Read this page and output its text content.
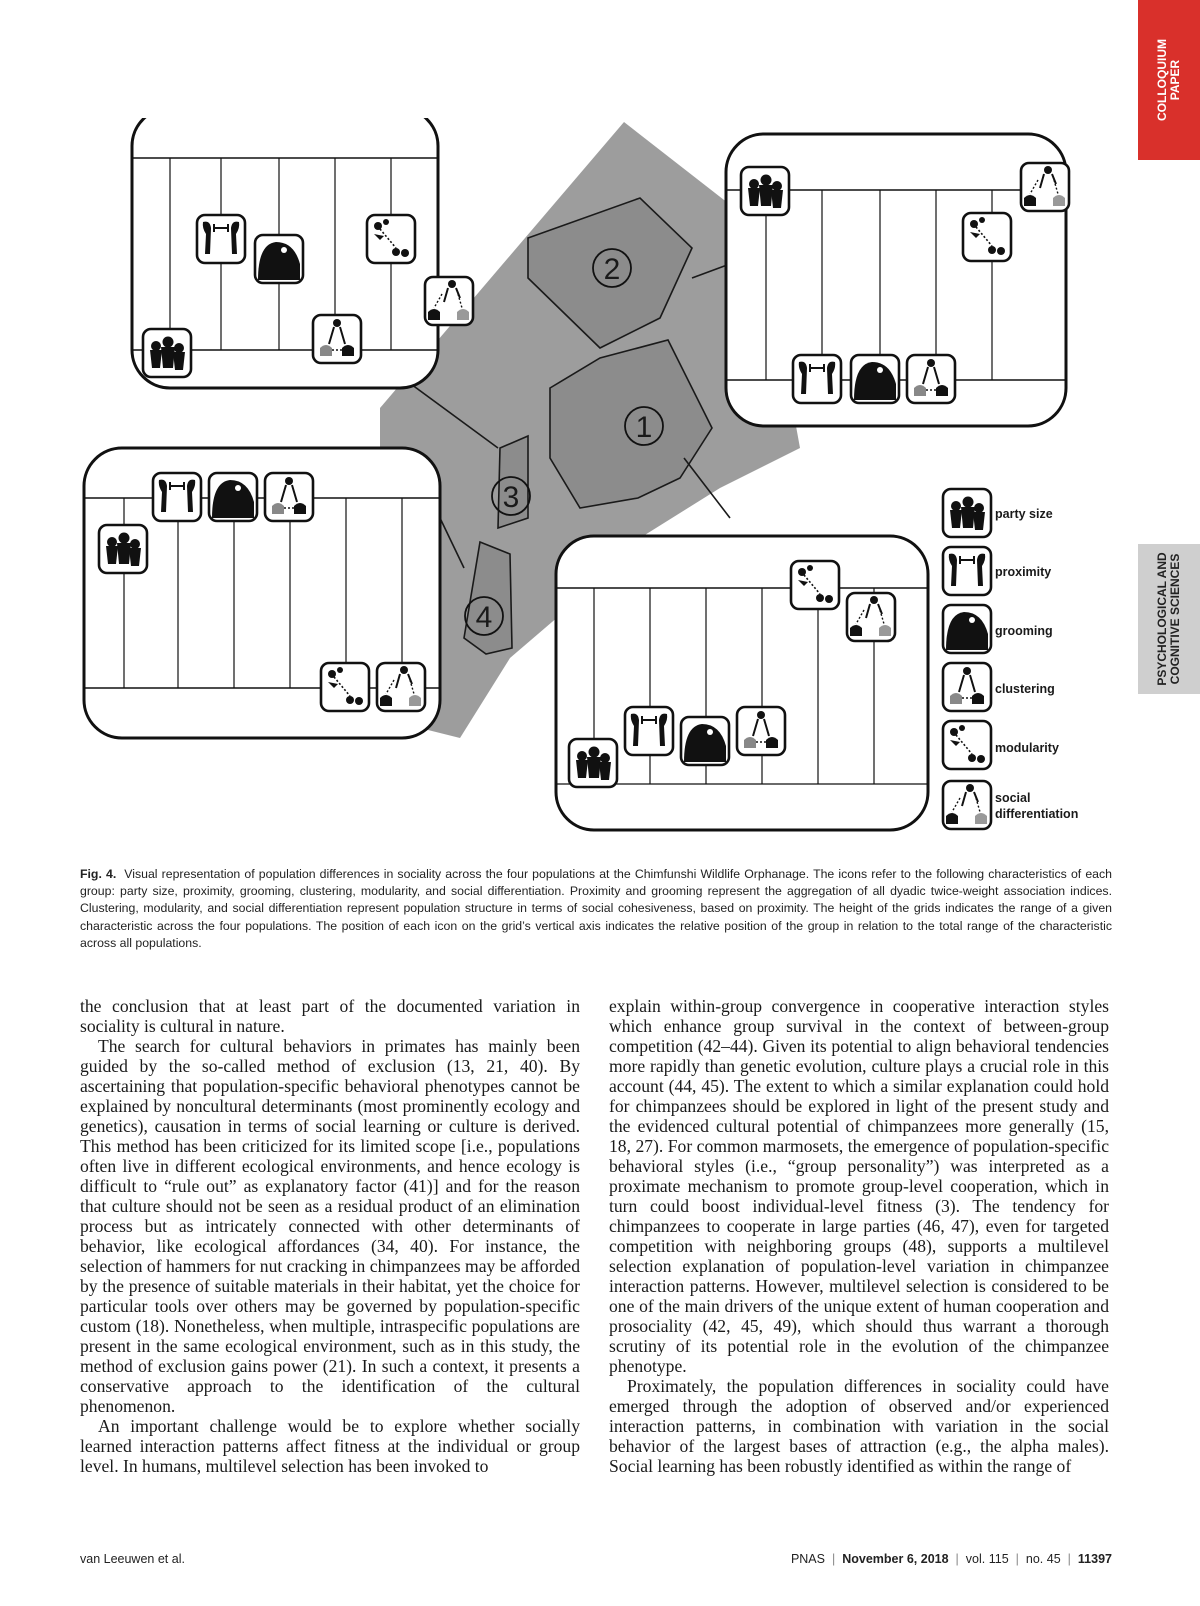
COLLOQUIUM PAPER
PSYCHOLOGICAL AND COGNITIVE SCIENCES
2
1
3
4
party size
proximity
grooming
clustering
modularity
social
differentiation
Fig. 4. Visual representation of population differences in sociality across the four populations at the Chimfunshi Wildlife Orphanage. The icons refer to the following characteristics of each group: party size, proximity, grooming, clustering, modularity, and social differentiation. Proximity and grooming represent the aggregation of all dyadic twice-weight association indices. Clustering, modularity, and social differentiation represent population structure in terms of social cohesiveness, based on proximity. The height of the grids indicates the range of a given characteristic across the four populations. The position of each icon on the grid’s vertical axis indicates the relative position of the group in relation to the total range of the characteristic across all populations.

the conclusion that at least part of the documented variation in sociality is cultural in nature.

The search for cultural behaviors in primates has mainly been guided by the so-called method of exclusion (13, 21, 40). By ascertaining that population-specific behavioral phenotypes cannot be explained by noncultural determinants (most prominently ecology and genetics), causation in terms of social learning or culture is derived. This method has been criticized for its limited scope [i.e., populations often live in different ecological environments, and hence ecology is difficult to “rule out” as explanatory factor (41)] and for the reason that culture should not be seen as a residual product of an elimination process but as intricately connected with other determinants of behavior, like ecological affordances (34, 40). For instance, the selection of hammers for nut cracking in chimpanzees may be afforded by the presence of suitable materials in their habitat, yet the choice for particular tools over others may be governed by population-specific custom (18). Nonetheless, when multiple, intraspecific populations are present in the same ecological environment, such as in this study, the method of exclusion gains power (21). In such a context, it presents a conservative approach to the identification of the cultural phenomenon.

An important challenge would be to explore whether socially learned interaction patterns affect fitness at the individual or group level. In humans, multilevel selection has been invoked to

explain within-group convergence in cooperative interaction styles which enhance group survival in the context of between-group competition (42–44). Given its potential to align behavioral tendencies more rapidly than genetic evolution, culture plays a crucial role in this account (44, 45). The extent to which a similar explanation could hold for chimpanzees should be explored in light of the present study and the evidenced cultural potential of chimpanzees more generally (15, 18, 27). For common marmosets, the emergence of population-specific behavioral styles (i.e., “group personality”) was interpreted as a proximate mechanism to promote group-level cooperation, which in turn could boost individual-level fitness (3). The tendency for chimpanzees to cooperate in large parties (46, 47), even for targeted competition with neighboring groups (48), supports a multilevel selection explanation of population-level variation in chimpanzee interaction patterns. However, multilevel selection is considered to be one of the main drivers of the unique extent of human cooperation and prosociality (42, 45, 49), which should thus warrant a thorough scrutiny of its potential role in the evolution of the chimpanzee phenotype.

Proximately, the population differences in sociality could have emerged through the adoption of observed and/or experienced interaction patterns, in combination with variation in the social behavior of the largest bases of attraction (e.g., the alpha males). Social learning has been robustly identified as within the range of

van Leeuwen et al.	PNAS | November 6, 2018 | vol. 115 | no. 45 | 11397
